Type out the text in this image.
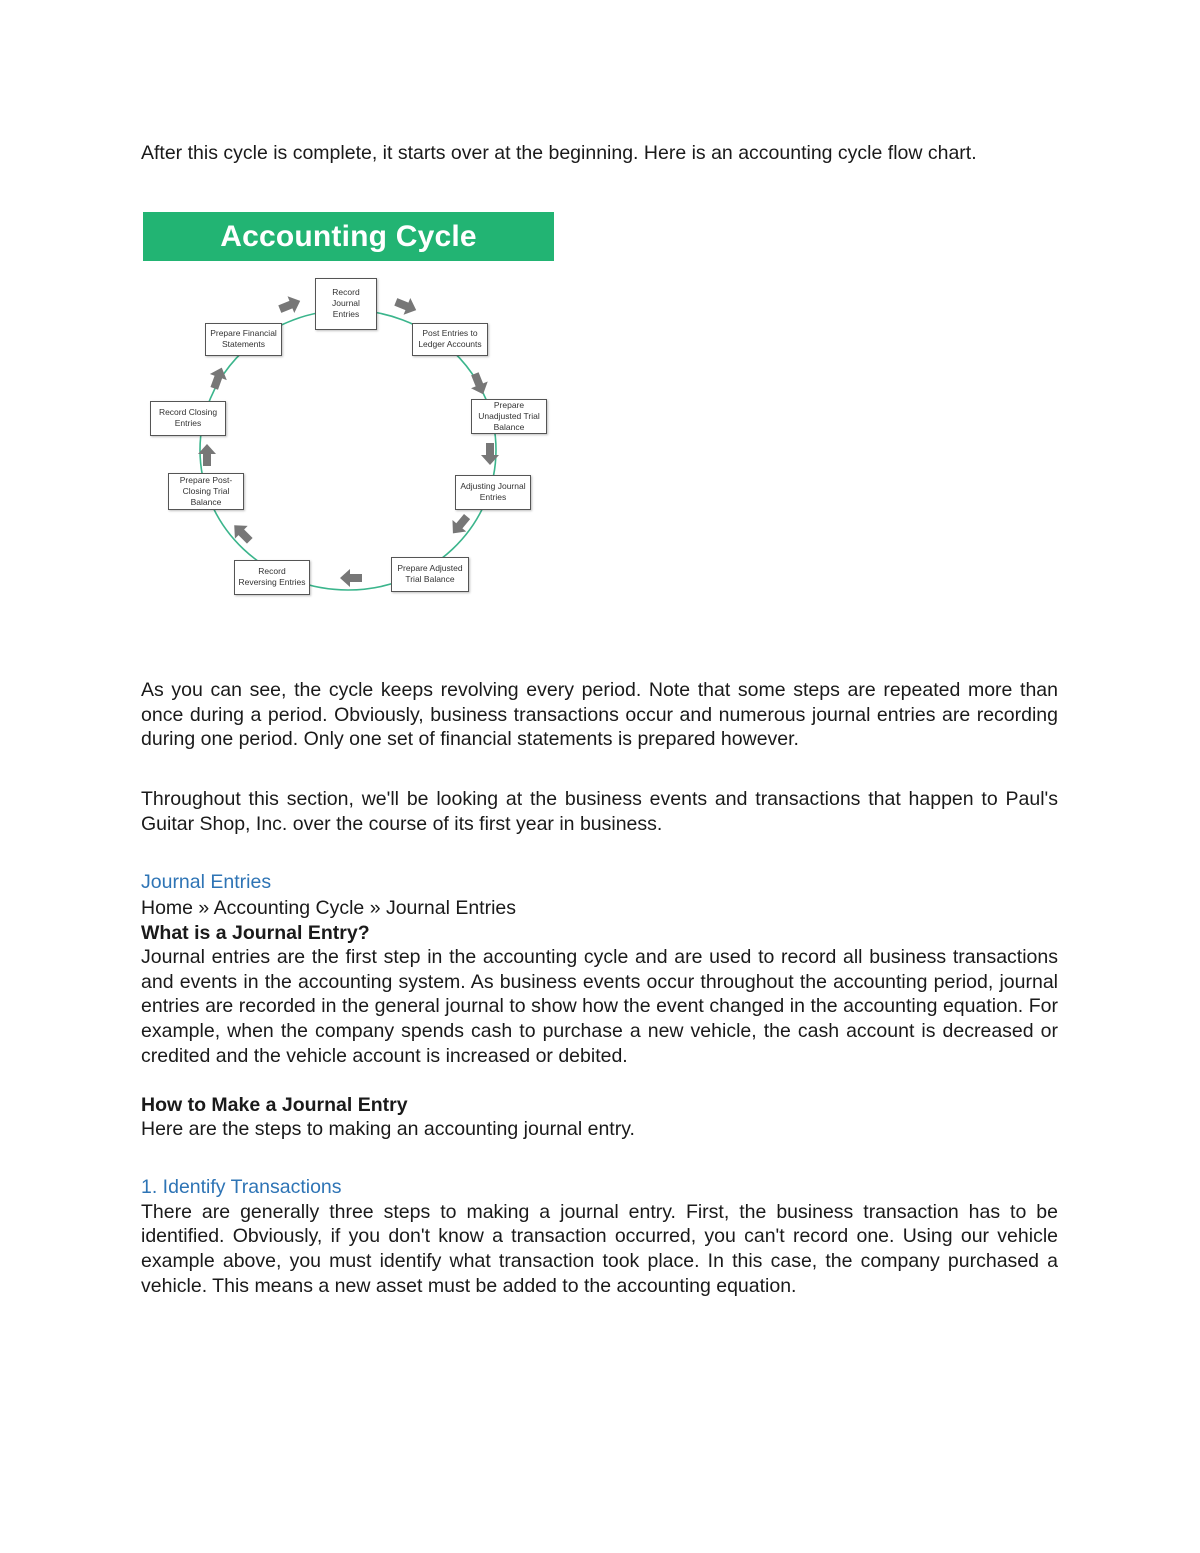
After this cycle is complete, it starts over at the beginning. Here is an accounting cycle flow chart.

Accounting Cycle
Record Journal Entries
Post Entries to Ledger Accounts
Prepare Unadjusted Trial Balance
Adjusting Journal Entries
Prepare Adjusted Trial Balance
Record Reversing Entries
Prepare Post-Closing Trial Balance
Record Closing Entries
Prepare Financial Statements

As you can see, the cycle keeps revolving every period. Note that some steps are repeated more than once during a period. Obviously, business transactions occur and numerous journal entries are recording during one period. Only one set of financial statements is prepared however.

Throughout this section, we'll be looking at the business events and transactions that happen to Paul's Guitar Shop, Inc. over the course of its first year in business.

Journal Entries
Home » Accounting Cycle » Journal Entries
What is a Journal Entry?

Journal entries are the first step in the accounting cycle and are used to record all business transactions and events in the accounting system. As business events occur throughout the accounting period, journal entries are recorded in the general journal to show how the event changed in the accounting equation. For example, when the company spends cash to purchase a new vehicle, the cash account is decreased or credited and the vehicle account is increased or debited.

How to Make a Journal Entry

Here are the steps to making an accounting journal entry.

1. Identify Transactions

There are generally three steps to making a journal entry. First, the business transaction has to be identified. Obviously, if you don't know a transaction occurred, you can't record one. Using our vehicle example above, you must identify what transaction took place. In this case, the company purchased a vehicle. This means a new asset must be added to the accounting equation.
